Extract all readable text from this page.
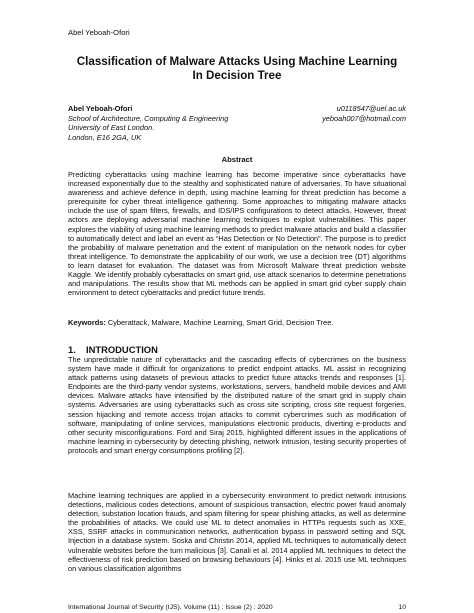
Abel Yeboah-Ofori
Classification of Malware Attacks Using Machine Learning
In Decision Tree
Abel Yeboah-Ofori
School of Architecture, Computing & Engineering
University of East London.
London, E16 2GA, UK
u0118547@uel.ac.uk
yeboah007@hotmail.com
Abstract
Predicting cyberattacks using machine learning has become imperative since cyberattacks have increased exponentially due to the stealthy and sophisticated nature of adversaries. To have situational awareness and achieve defence in depth, using machine learning for threat prediction has become a prerequisite for cyber threat intelligence gathering. Some approaches to mitigating malware attacks include the use of spam filters, firewalls, and IDS/IPS configurations to detect attacks. However, threat actors are deploying adversarial machine learning techniques to exploit vulnerabilities. This paper explores the viability of using machine learning methods to predict malware attacks and build a classifier to automatically detect and label an event as “Has Detection or No Detection”. The purpose is to predict the probability of malware penetration and the extent of manipulation on the network nodes for cyber threat intelligence. To demonstrate the applicability of our work, we use a decision tree (DT) algorithms to learn dataset for evaluation. The dataset was from Microsoft Malware threat prediction website Kaggle. We identify probably cyberattacks on smart grid, use attack scenarios to determine penetrations and manipulations. The results show that ML methods can be applied in smart grid cyber supply chain environment to detect cyberattacks and predict future trends.
Keywords: Cyberattack, Malware, Machine Learning, Smart Grid, Decision Tree.
1. INTRODUCTION
The unpredictable nature of cyberattacks and the cascading effects of cybercrimes on the business system have made it difficult for organizations to predict endpoint attacks. ML assist in recognizing attack patterns using datasets of previous attacks to predict future attacks trends and responses [1]. Endpoints are the third-party vendor systems, workstations, servers, handheld mobile devices and AMI devices. Malware attacks have intensified by the distributed nature of the smart grid in supply chain systems. Adversaries are using cyberattacks such as cross site scripting, cross site request forgeries, session hijacking and remote access trojan attacks to commit cybercrimes such as modification of software, manipulating of online services, manipulations electronic products, diverting e-products and other security misconfigurations. Ford and Siraj 2015, highlighted different issues in the applications of machine learning in cybersecurity by detecting phishing, network intrusion, testing security properties of protocols and smart energy consumptions profiling [2].
Machine learning techniques are applied in a cybersecurity environment to predict network intrusions detections, malicious codes detections, amount of suspicious transaction, electric power fraud anomaly detection, substation location frauds, and spam filtering for spear phishing attacks, as well as determine the probabilities of attacks. We could use ML to detect anomalies in HTTPs requests such as XXE, XSS, SSRF attacks in communication networks, authentication bypass in password setting and SQL Injection in a database system. Soska and Christin 2014, applied ML techniques to automatically detect vulnerable websites before the turn malicious [3]. Canali et al. 2014 applied ML techniques to detect the effectiveness of risk prediction based on browsing behaviours [4]. Hinks et al. 2015 use ML techniques on various classification algorithms
International Journal of Security (IJS), Volume (11) : Issue (2) : 2020	10
